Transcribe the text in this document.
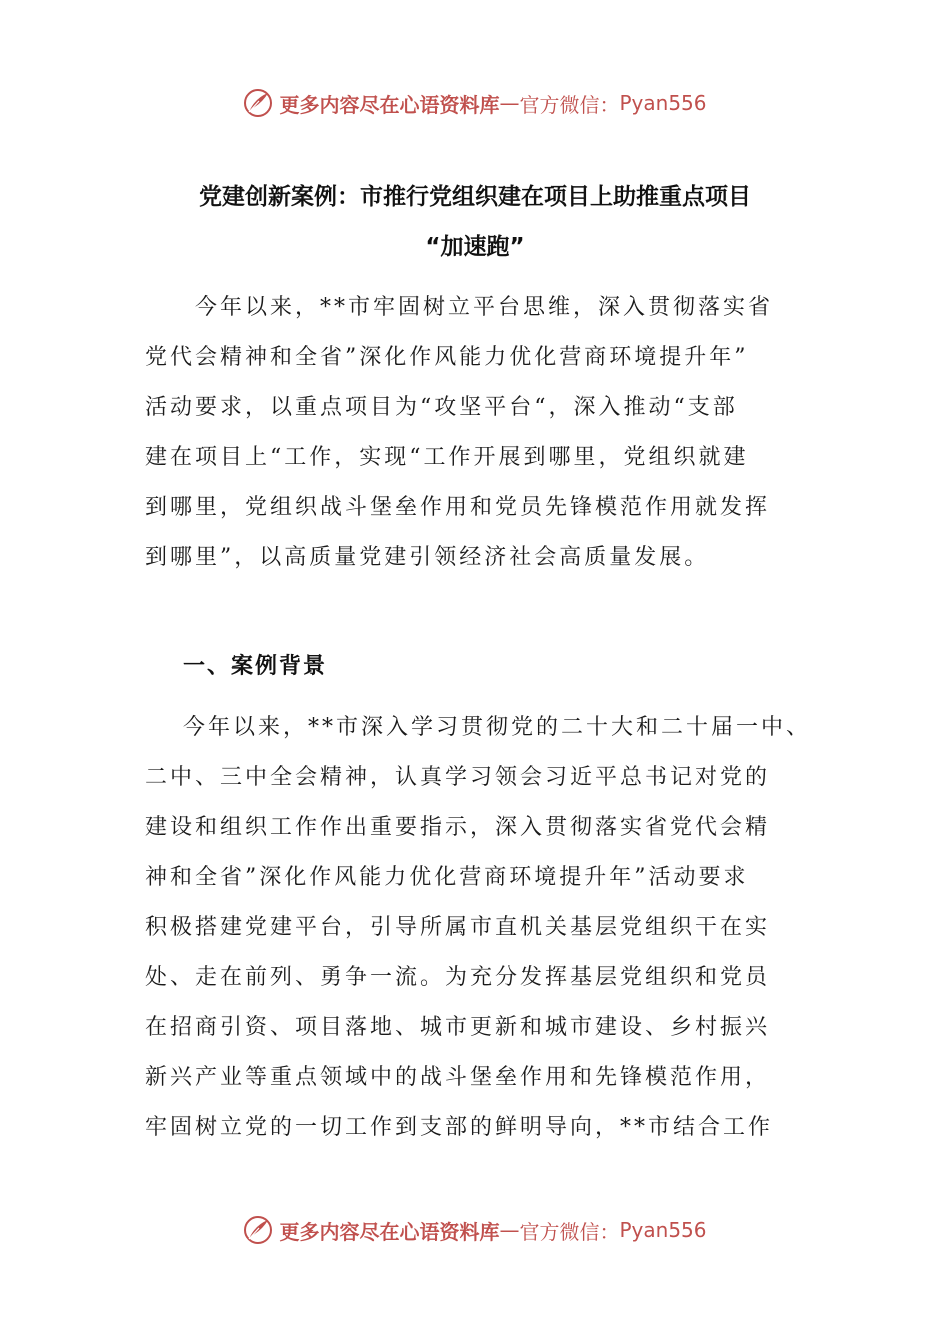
更多内容尽在心语资料库 — 官方微信： Pyan556
党建创新案例：市推行党组织建在项目上助推重点项目
“加速跑”
今年以来，**市牢固树立平台思维，深入贯彻落实省
党代会精神和全省”深化作风能力优化营商环境提升年”
活动要求，以重点项目为“攻坚平台“，深入推动“支部
建在项目上“工作，实现“工作开展到哪里，党组织就建
到哪里，党组织战斗堡垒作用和党员先锋模范作用就发挥
到哪里”，以高质量党建引领经济社会高质量发展。
一、案例背景
今年以来，**市深入学习贯彻党的二十大和二十届一中、
二中、三中全会精神，认真学习领会习近平总书记对党的
建设和组织工作作出重要指示，深入贯彻落实省党代会精
神和全省”深化作风能力优化营商环境提升年”活动要求
积极搭建党建平台，引导所属市直机关基层党组织干在实
处、走在前列、勇争一流。为充分发挥基层党组织和党员
在招商引资、项目落地、城市更新和城市建设、乡村振兴
新兴产业等重点领域中的战斗堡垒作用和先锋模范作用，
牢固树立党的一切工作到支部的鲜明导向，**市结合工作
更多内容尽在心语资料库 — 官方微信： Pyan556
